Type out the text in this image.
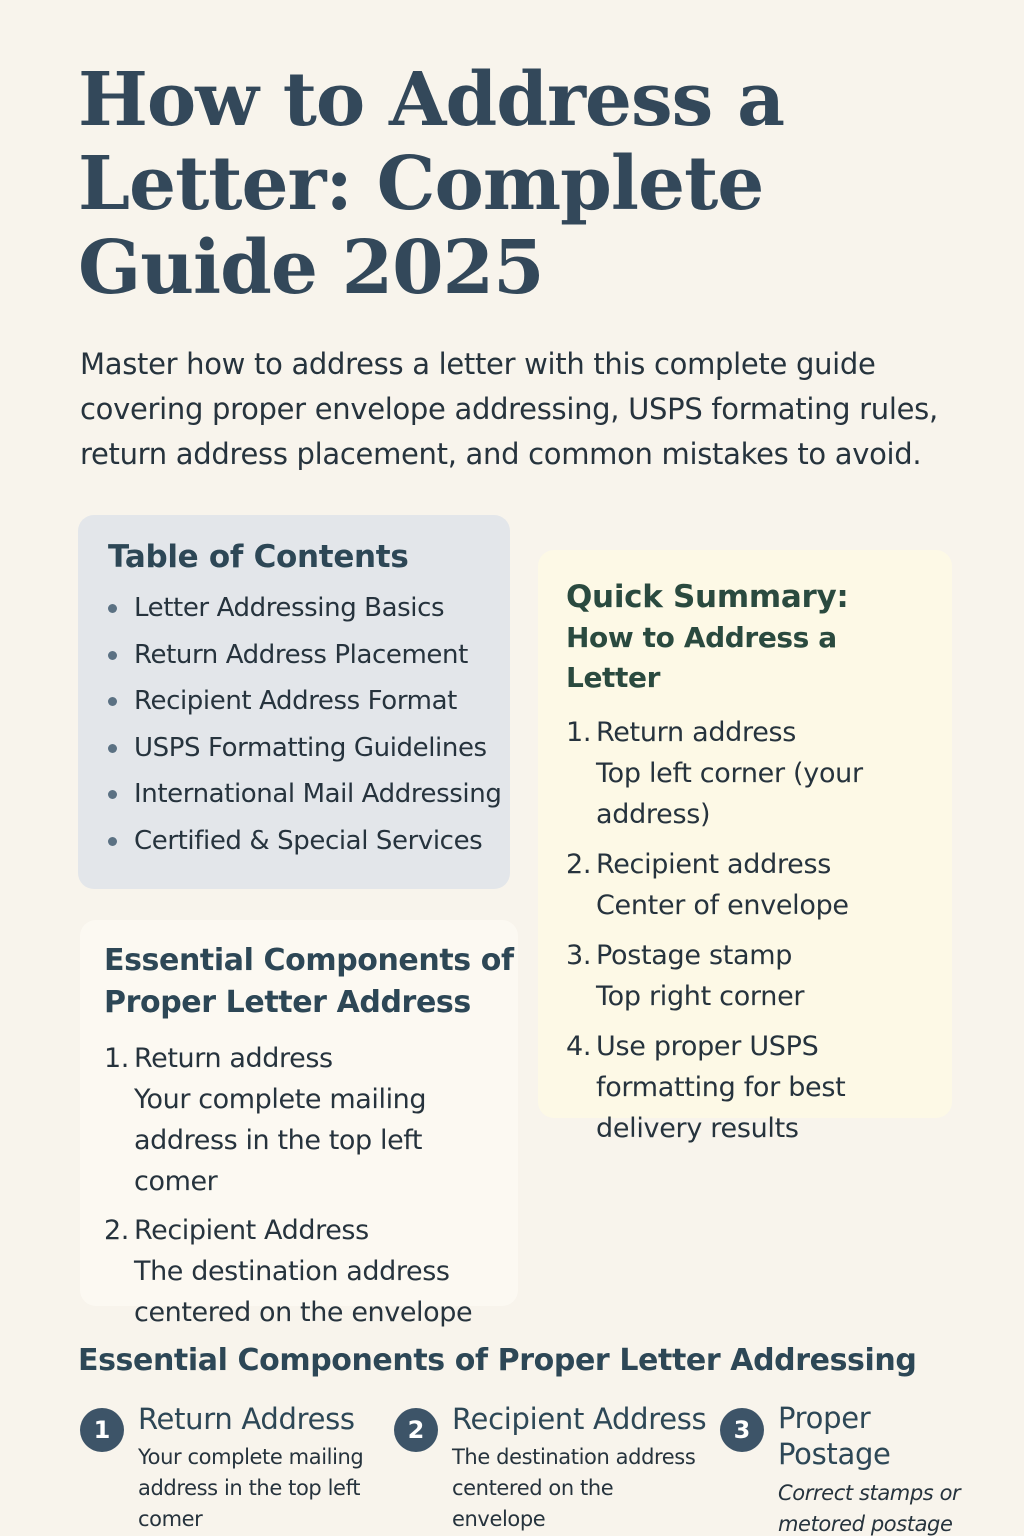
How to Address a Letter: Complete Guide 2025

Master how to address a letter with this complete guide covering proper envelope addressing, USPS formating rules, return address placement, and common mistakes to avoid.

Table of Contents
Letter Addressing Basics
Return Address Placement
Recipient Address Format
USPS Formatting Guidelines
International Mail Addressing
Certified & Special Services
Quick Summary:
How to Address a Letter
1. Return address
Top left corner (your address)
2. Recipient address
Center of envelope
3. Postage stamp
Top right corner
4. Use proper USPS formatting for best delivery results
Essential Components of Proper Letter Address
1. Return address
Your complete mailing address in the top left comer
2. Recipient Address
The destination address centered on the envelope
Essential Components of Proper Letter Addressing
1 Return Address
Your complete mailing address in the top left comer
2 Recipient Address
The destination address centered on the envelope
3 Proper Postage
Correct stamps or metored postage
